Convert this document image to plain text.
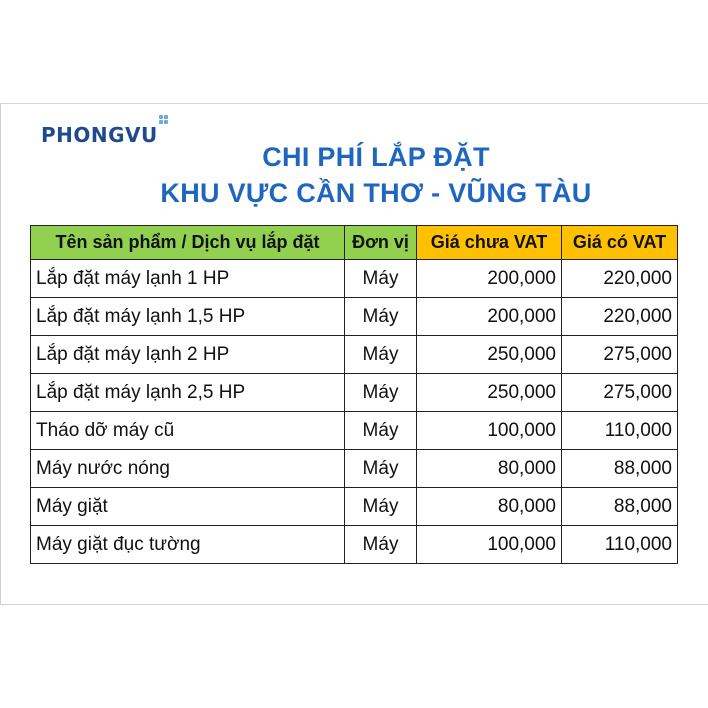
PHONGVU
CHI PHÍ LẮP ĐẶT
KHU VỰC CẦN THƠ - VŨNG TÀU
Tên sản phẩm / Dịch vụ lắp đặt	Đơn vị	Giá chưa VAT	Giá có VAT
Lắp đặt máy lạnh 1 HP	Máy	200,000	220,000
Lắp đặt máy lạnh 1,5 HP	Máy	200,000	220,000
Lắp đặt máy lạnh 2 HP	Máy	250,000	275,000
Lắp đặt máy lạnh 2,5 HP	Máy	250,000	275,000
Tháo dỡ máy cũ	Máy	100,000	110,000
Máy nước nóng	Máy	80,000	88,000
Máy giặt	Máy	80,000	88,000
Máy giặt đục tường	Máy	100,000	110,000
